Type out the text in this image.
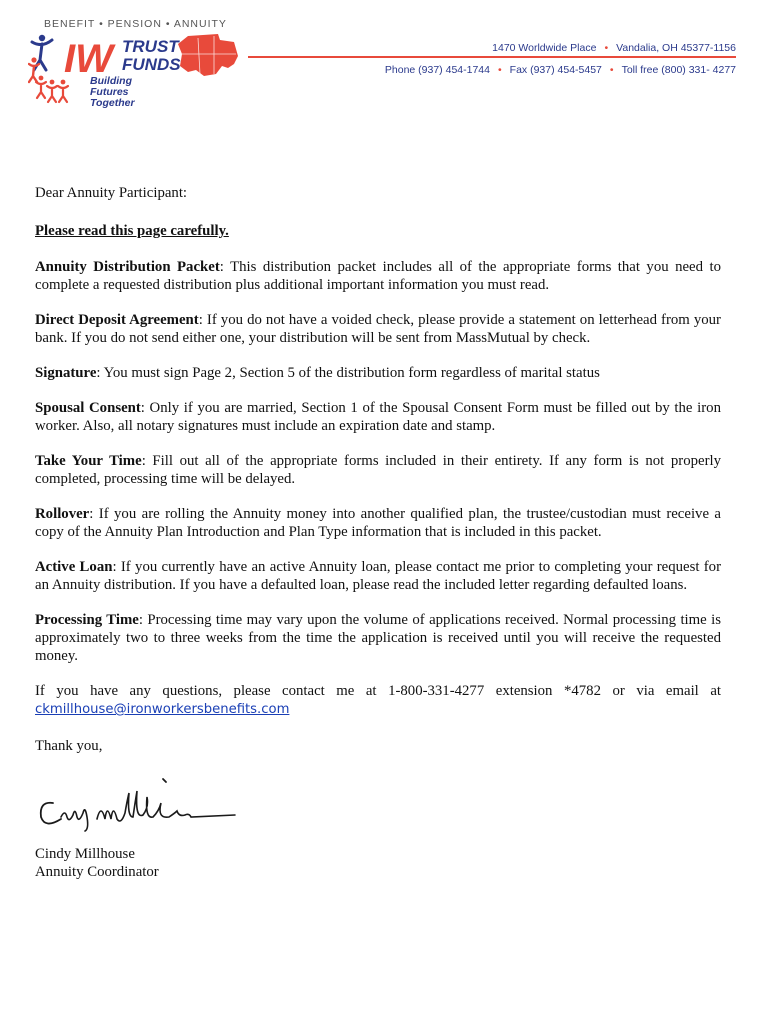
BENEFIT • PENSION • ANNUITY
IW TRUST
FUNDS
Building Futures
Together
1470 Worldwide Place • Vandalia, OH 45377-1156
Phone (937) 454-1744 • Fax (937) 454-5457 • Toll free (800) 331- 4277

Dear Annuity Participant:

Please read this page carefully.

Annuity Distribution Packet: This distribution packet includes all of the appropriate forms that you need to complete a requested distribution plus additional important information you must read.

Direct Deposit Agreement: If you do not have a voided check, please provide a statement on letterhead from your bank. If you do not send either one, your distribution will be sent from MassMutual by check.

Signature: You must sign Page 2, Section 5 of the distribution form regardless of marital status

Spousal Consent: Only if you are married, Section 1 of the Spousal Consent Form must be filled out by the iron worker. Also, all notary signatures must include an expiration date and stamp.

Take Your Time: Fill out all of the appropriate forms included in their entirety. If any form is not properly completed, processing time will be delayed.

Rollover: If you are rolling the Annuity money into another qualified plan, the trustee/custodian must receive a copy of the Annuity Plan Introduction and Plan Type information that is included in this packet.

Active Loan: If you currently have an active Annuity loan, please contact me prior to completing your request for an Annuity distribution. If you have a defaulted loan, please read the included letter regarding defaulted loans.

Processing Time: Processing time may vary upon the volume of applications received. Normal processing time is approximately two to three weeks from the time the application is received until you will receive the requested money.

If you have any questions, please contact me at 1-800-331-4277 extension *4782 or via email at ckmillhouse@ironworkersbenefits.com

Thank you,

Cindy Millhouse
Annuity Coordinator
